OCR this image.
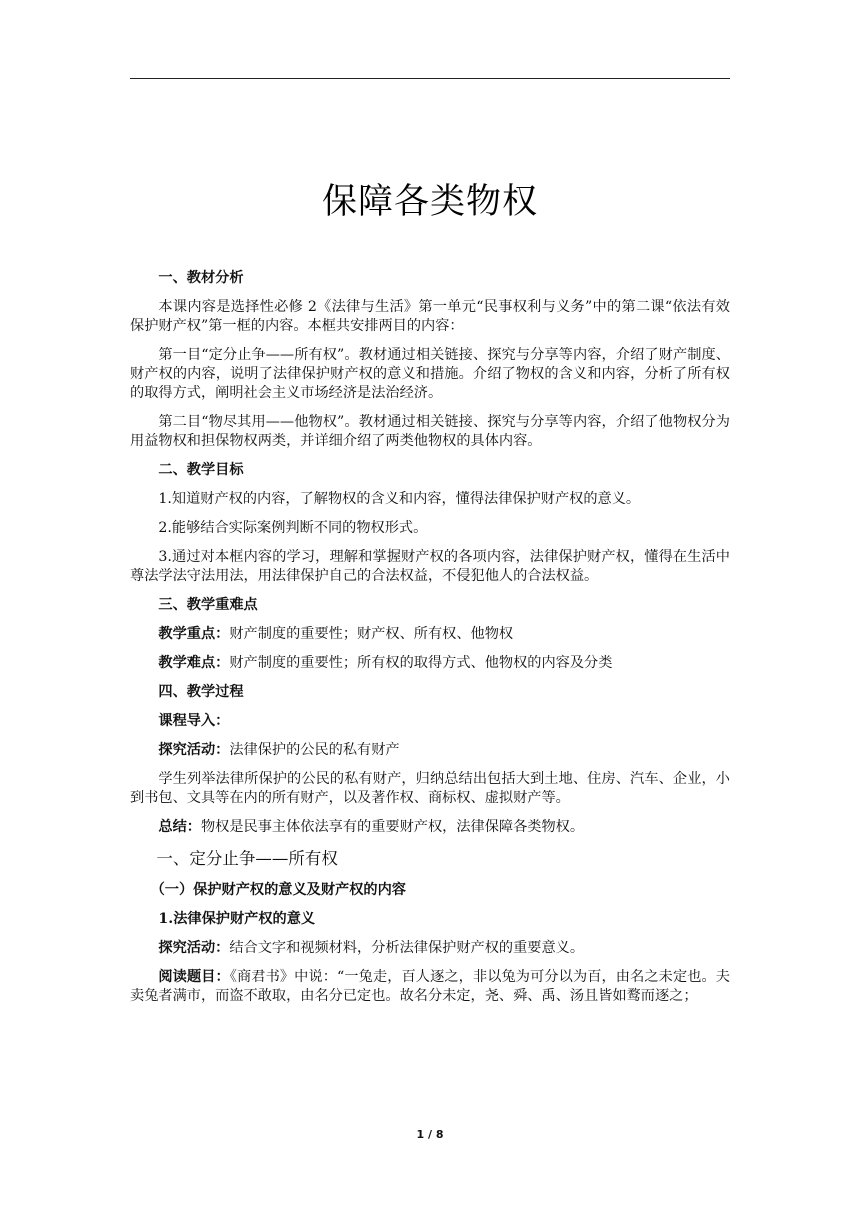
保障各类物权

一、教材分析

本课内容是选择性必修 2《法律与生活》第一单元“民事权利与义务”中的第二课“依法有效保护财产权”第一框的内容。本框共安排两目的内容：

第一目“定分止争——所有权”。教材通过相关链接、探究与分享等内容，介绍了财产制度、财产权的内容，说明了法律保护财产权的意义和措施。介绍了物权的含义和内容，分析了所有权的取得方式，阐明社会主义市场经济是法治经济。

第二目“物尽其用——他物权”。教材通过相关链接、探究与分享等内容，介绍了他物权分为用益物权和担保物权两类，并详细介绍了两类他物权的具体内容。

二、教学目标

1.知道财产权的内容，了解物权的含义和内容，懂得法律保护财产权的意义。

2.能够结合实际案例判断不同的物权形式。

3.通过对本框内容的学习，理解和掌握财产权的各项内容，法律保护财产权，懂得在生活中尊法学法守法用法，用法律保护自己的合法权益，不侵犯他人的合法权益。

三、教学重难点

教学重点：财产制度的重要性；财产权、所有权、他物权

教学难点：财产制度的重要性；所有权的取得方式、他物权的内容及分类

四、教学过程

课程导入：

探究活动：法律保护的公民的私有财产

学生列举法律所保护的公民的私有财产，归纳总结出包括大到土地、住房、汽车、企业，小到书包、文具等在内的所有财产，以及著作权、商标权、虚拟财产等。

总结：物权是民事主体依法享有的重要财产权，法律保障各类物权。

一、定分止争——所有权

（一）保护财产权的意义及财产权的内容

1.法律保护财产权的意义

探究活动：结合文字和视频材料，分析法律保护财产权的重要意义。

阅读题目：《商君书》中说：“一兔走，百人逐之，非以兔为可分以为百，由名之未定也。夫卖兔者满市，而盗不敢取，由名分已定也。故名分未定，尧、舜、禹、汤且皆如鹜而逐之；

1 / 8
